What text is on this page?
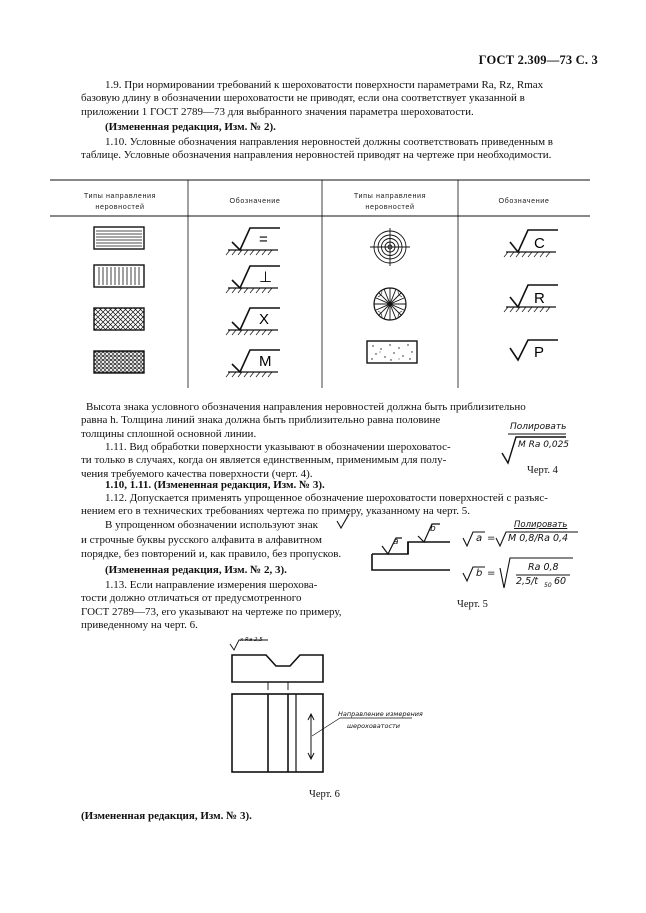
ГОСТ 2.309—73 С. 3
1.9. При нормировании требований к шероховатости поверхности параметрами Ra, Rz, Rmax
базовую длину в обозначении шероховатости не приводят, если она соответствует указанной в
приложении 1 ГОСТ 2789—73 для выбранного значения параметра шероховатости.
(Измененная редакция, Изм. № 2).
1.10. Условные обозначения направления неровностей должны соответствовать приведенным в
таблице. Условные обозначения направления неровностей приводят на чертеже при необходимости.
Типы направления неровностей
Обозначение
Типы направления неровностей
Обозначение
=
⊥
X
M
C
R
P
Высота знака условного обозначения направления неровностей должна быть приблизительно
равна h. Толщина линий знака должна быть приблизительно равна половине
толщины сплошной основной линии.
1.11. Вид обработки поверхности указывают в обозначении шероховатос-
ти только в случаях, когда он является единственным, применимым для полу-
чения требуемого качества поверхности (черт. 4).
Полировать
M Ra 0,025
Черт. 4
1.10, 1.11. (Измененная редакция, Изм. № 3).
1.12. Допускается применять упрощенное обозначение шероховатости поверхностей с разъяс-
нением его в технических требованиях чертежа по примеру, указанному на черт. 5.
В упрощенном обозначении используют знак
и строчные буквы русского алфавита в алфавитном
порядке, без повторений и, как правило, без пропусков.
(Измененная редакция, Изм. № 2, 3).
a
b	Полировать
a = M 0,8/Ra 0,4
b =
Ra 0,8
2,5/t 50 60
Черт. 5
1.13. Если направление измерения шерохова-
тости должно отличаться от предусмотренного
ГОСТ 2789—73, его указывают на чертеже по примеру,
приведенному на черт. 6.
x Ra 2,5
Направление измерения
шероховатости
Черт. 6
(Измененная редакция, Изм. № 3).
